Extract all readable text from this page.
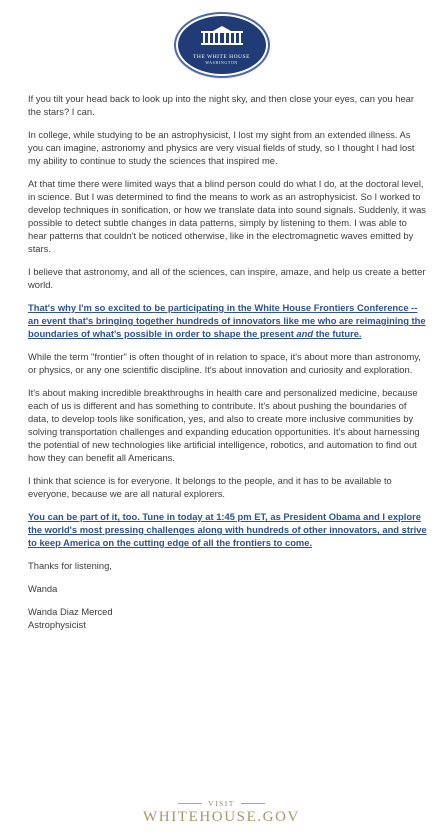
THE WHITE HOUSE
WASHINGTON

If you tilt your head back to look up into the night sky, and then close your eyes, can you hear the stars? I can.

In college, while studying to be an astrophysicist, I lost my sight from an extended illness. As you can imagine, astronomy and physics are very visual fields of study, so I thought I had lost my ability to continue to study the sciences that inspired me.

At that time there were limited ways that a blind person could do what I do, at the doctoral level, in science. But I was determined to find the means to work as an astrophysicist. So I worked to develop techniques in sonification, or how we translate data into sound signals. Suddenly, it was possible to detect subtle changes in data patterns, simply by listening to them. I was able to hear patterns that couldn't be noticed otherwise, like in the electromagnetic waves emitted by stars.

I believe that astronomy, and all of the sciences, can inspire, amaze, and help us create a better world.

That's why I'm so excited to be participating in the White House Frontiers Conference -- an event that's bringing together hundreds of innovators like me who are reimagining the boundaries of what's possible in order to shape the present and the future.

While the term "frontier" is often thought of in relation to space, it's about more than astronomy, or physics, or any one scientific discipline. It's about innovation and curiosity and exploration.

It's about making incredible breakthroughs in health care and personalized medicine, because each of us is different and has something to contribute. It's about pushing the boundaries of data, to develop tools like sonification, yes, and also to create more inclusive communities by solving transportation challenges and expanding education opportunities. It's about harnessing the potential of new technologies like artificial intelligence, robotics, and automation to find out how they can benefit all Americans.

I think that science is for everyone. It belongs to the people, and it has to be available to everyone, because we are all natural explorers.

You can be part of it, too. Tune in today at 1:45 pm ET, as President Obama and I explore the world's most pressing challenges along with hundreds of other innovators, and strive to keep America on the cutting edge of all the frontiers to come.

Thanks for listening,

Wanda

Wanda Diaz Merced

Astrophysicist

VISIT
WHITEHOUSE.GOV
